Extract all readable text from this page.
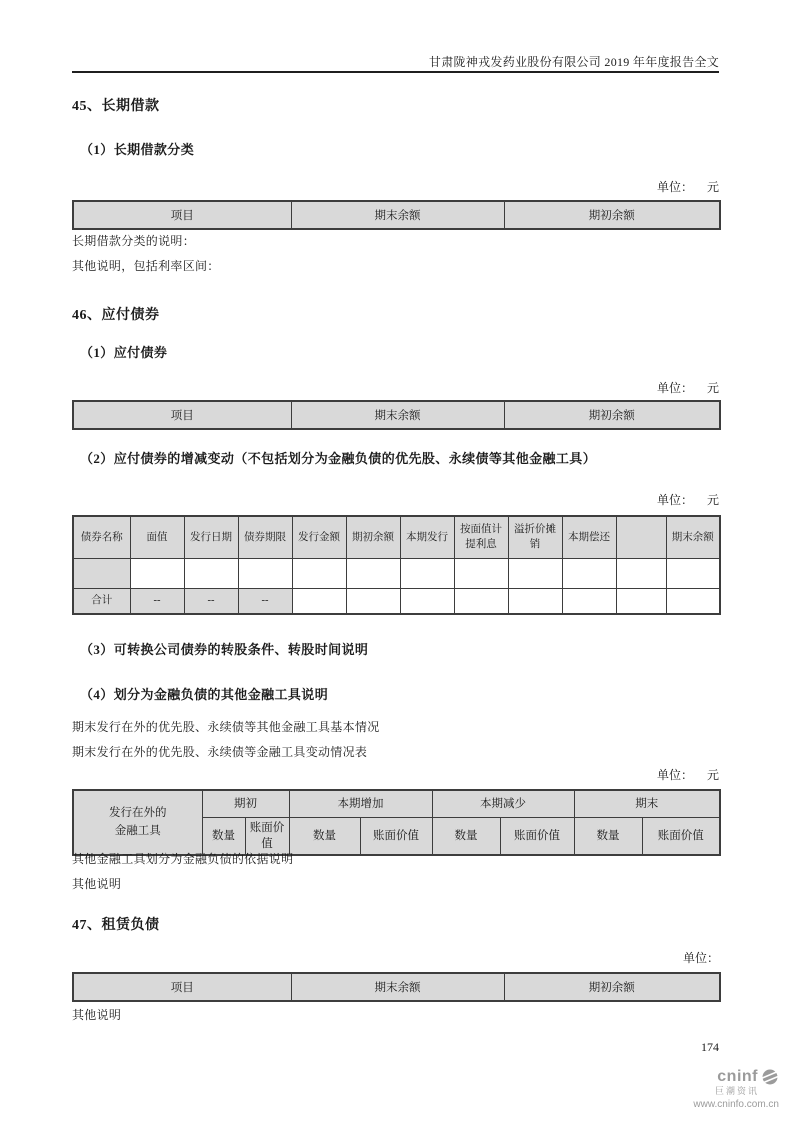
甘肃陇神戎发药业股份有限公司 2019 年年度报告全文
45、长期借款
（1）长期借款分类
单位： 元
项目	期末余额	期初余额
长期借款分类的说明：
其他说明，包括利率区间：
46、应付债券
（1）应付债券
单位： 元
项目	期末余额	期初余额
（2）应付债券的增减变动（不包括划分为金融负债的优先股、永续债等其他金融工具）
单位： 元
债券名称	面值	发行日期	债券期限	发行金额	期初余额	本期发行	按面值计提利息	溢折价摊销	本期偿还		期末余额

合计	--	--	--								
（3）可转换公司债券的转股条件、转股时间说明
（4）划分为金融负债的其他金融工具说明
期末发行在外的优先股、永续债等其他金融工具基本情况
期末发行在外的优先股、永续债等金融工具变动情况表
单位： 元
发行在外的金融工具	期初		本期增加		本期减少		期末	
	数量	账面价值	数量	账面价值	数量	账面价值	数量	账面价值
其他金融工具划分为金融负债的依据说明
其他说明
47、租赁负债
单位：
项目	期末余额	期初余额
其他说明
174
cninf
巨潮资讯
www.cninfo.com.cn
